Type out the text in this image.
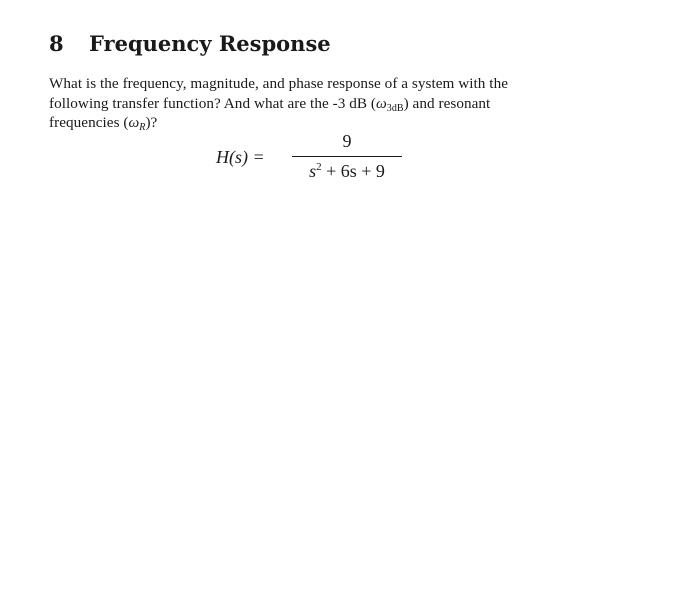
8 Frequency Response
What is the frequency, magnitude, and phase response of a system with the
following transfer function? And what are the -3 dB $(\omega_{3dB})$ and resonant
frequencies $(\omega_R)$?
H(s) =
9
$s^2 + 6s + 9$
